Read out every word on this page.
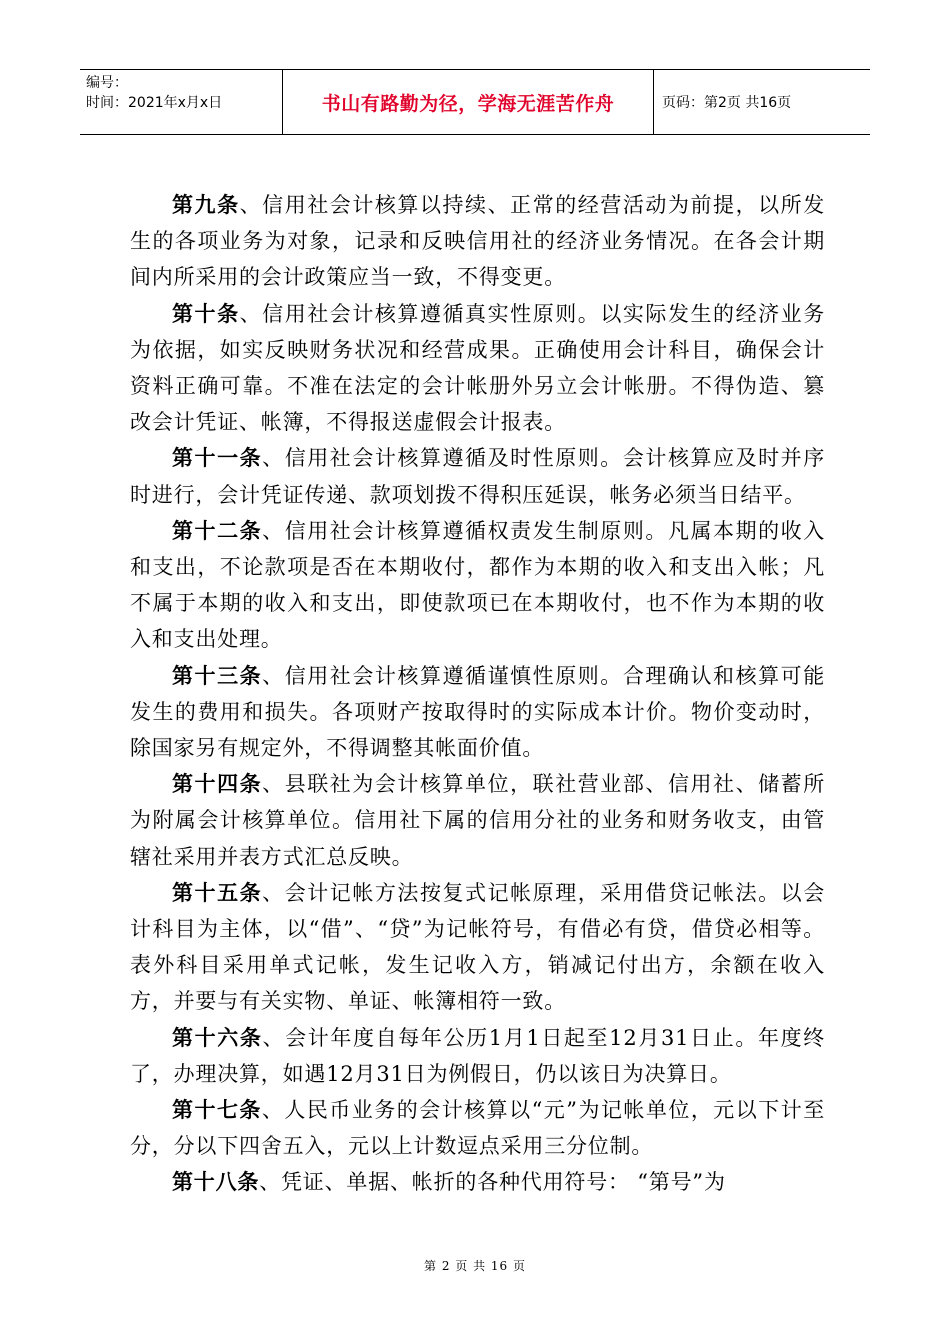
编号：
时间：2021年x月x日	书山有路勤为径，学海无涯苦作舟	页码：第2页 共16页

第九条、信用社会计核算以持续、正常的经营活动为前提，以所发生的各项业务为对象，记录和反映信用社的经济业务情况。在各会计期间内所采用的会计政策应当一致，不得变更。

第十条、信用社会计核算遵循真实性原则。以实际发生的经济业务为依据，如实反映财务状况和经营成果。正确使用会计科目，确保会计资料正确可靠。不准在法定的会计帐册外另立会计帐册。不得伪造、篡改会计凭证、帐簿，不得报送虚假会计报表。

第十一条、信用社会计核算遵循及时性原则。会计核算应及时并序时进行，会计凭证传递、款项划拨不得积压延误，帐务必须当日结平。

第十二条、信用社会计核算遵循权责发生制原则。凡属本期的收入和支出，不论款项是否在本期收付，都作为本期的收入和支出入帐；凡不属于本期的收入和支出，即使款项已在本期收付，也不作为本期的收入和支出处理。

第十三条、信用社会计核算遵循谨慎性原则。合理确认和核算可能发生的费用和损失。各项财产按取得时的实际成本计价。物价变动时，除国家另有规定外，不得调整其帐面价值。

第十四条、县联社为会计核算单位，联社营业部、信用社、储蓄所为附属会计核算单位。信用社下属的信用分社的业务和财务收支，由管辖社采用并表方式汇总反映。

第十五条、会计记帐方法按复式记帐原理，采用借贷记帐法。以会计科目为主体，以“借”、“贷”为记帐符号，有借必有贷，借贷必相等。表外科目采用单式记帐，发生记收入方，销减记付出方，余额在收入方，并要与有关实物、单证、帐簿相符一致。

第十六条、会计年度自每年公历1月1日起至12月31日止。年度终了，办理决算，如遇12月31日为例假日，仍以该日为决算日。

第十七条、人民币业务的会计核算以“元”为记帐单位，元以下计至分，分以下四舍五入，元以上计数逗点采用三分位制。

第十八条、凭证、单据、帐折的各种代用符号： “第号”为

第 2 页 共 16 页
